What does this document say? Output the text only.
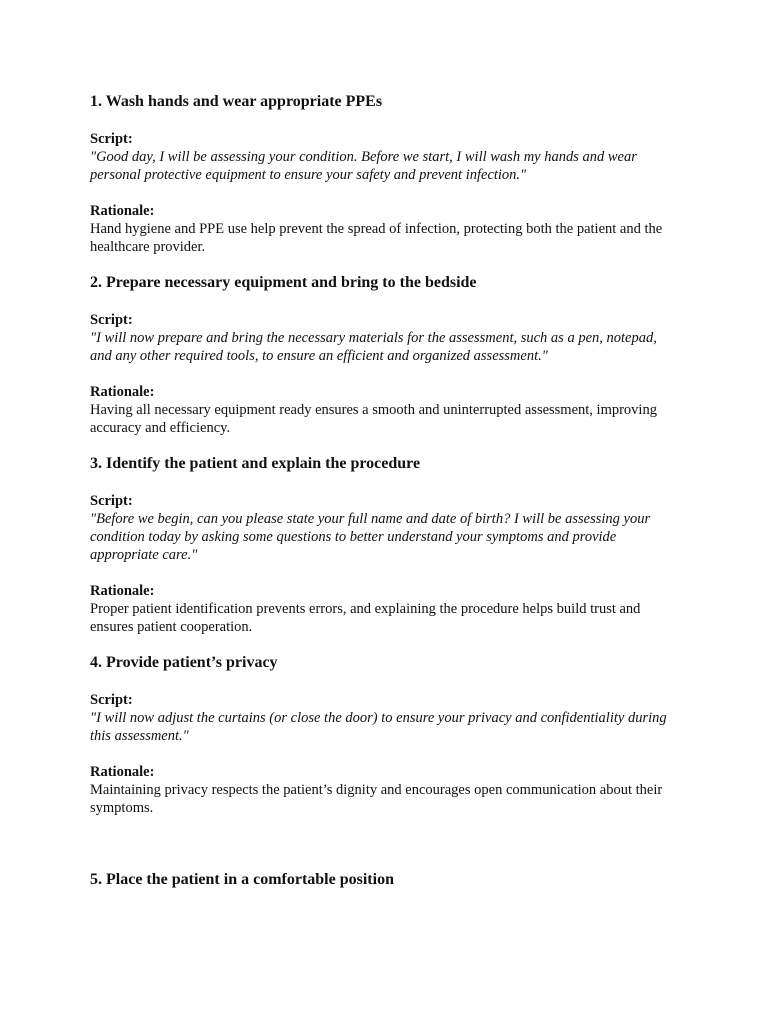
1. Wash hands and wear appropriate PPEs

Script:

"Good day, I will be assessing your condition. Before we start, I will wash my hands and wear personal protective equipment to ensure your safety and prevent infection."

Rationale:

Hand hygiene and PPE use help prevent the spread of infection, protecting both the patient and the healthcare provider.

2. Prepare necessary equipment and bring to the bedside

Script:

"I will now prepare and bring the necessary materials for the assessment, such as a pen, notepad, and any other required tools, to ensure an efficient and organized assessment."

Rationale:

Having all necessary equipment ready ensures a smooth and uninterrupted assessment, improving accuracy and efficiency.

3. Identify the patient and explain the procedure

Script:

"Before we begin, can you please state your full name and date of birth? I will be assessing your condition today by asking some questions to better understand your symptoms and provide appropriate care."

Rationale:

Proper patient identification prevents errors, and explaining the procedure helps build trust and ensures patient cooperation.

4. Provide patient’s privacy

Script:

"I will now adjust the curtains (or close the door) to ensure your privacy and confidentiality during this assessment."

Rationale:

Maintaining privacy respects the patient’s dignity and encourages open communication about their symptoms.

5. Place the patient in a comfortable position
